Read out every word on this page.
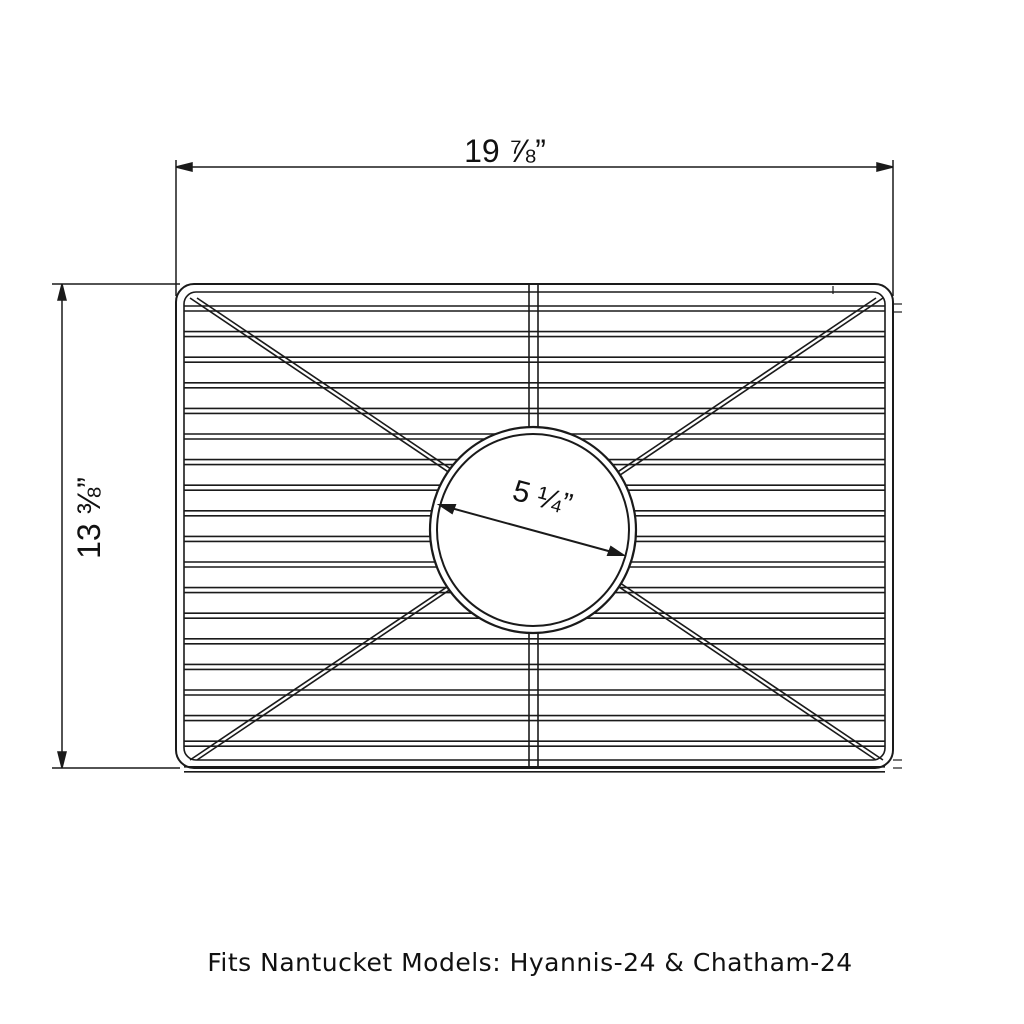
19 ⅞”
13 ⅜”	5 ¼”
Fits Nantucket Models: Hyannis-24 & Chatham-24
